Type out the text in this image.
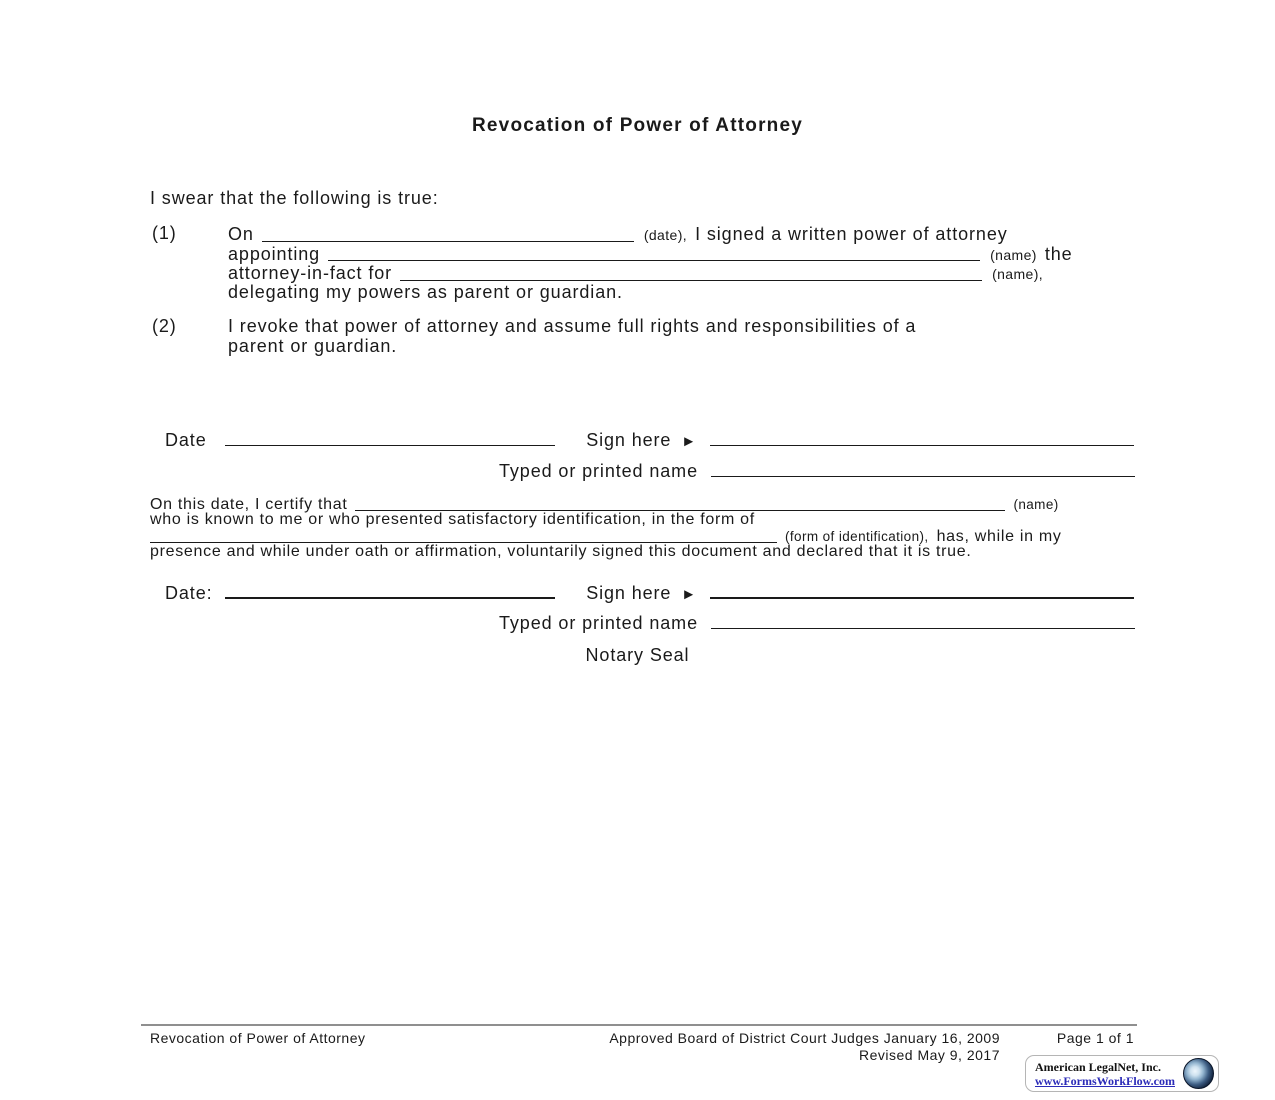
Revocation of Power of Attorney
I swear that the following is true:
(1)	On	(date), I signed a written power of attorney
appointing	(name) the
attorney-in-fact for	(name),
delegating my powers as parent or guardian.
(2)	I revoke that power of attorney and assume full rights and responsibilities of a
parent or guardian.
Date	Sign here ►
Typed or printed name
On this date, I certify that	(name)
who is known to me or who presented satisfactory identification, in the form of
(form of identification), has, while in my
presence and while under oath or affirmation, voluntarily signed this document and declared that it is true.
Date:	Sign here ►
Typed or printed name
Notary Seal
Revocation of Power of Attorney	Approved Board of District Court Judges January 16, 2009
Revised May 9, 2017
Page 1 of 1
American LegalNet, Inc.
www.FormsWorkFlow.com
